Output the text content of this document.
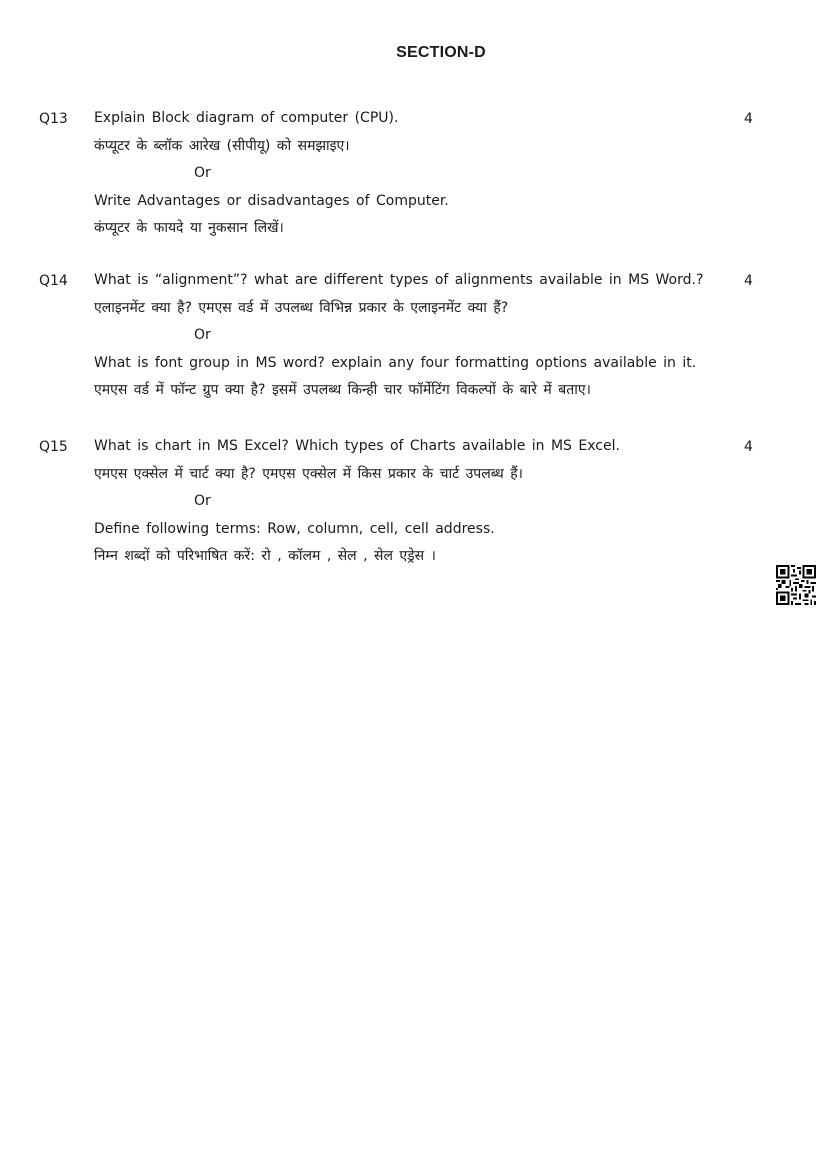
SECTION-D
Q13 Explain Block diagram of computer (CPU).
कंप्यूटर के ब्लॉक आरेख (सीपीयू) को समझाइए।
Or
Write Advantages or disadvantages of Computer.
कंप्यूटर के फायदे या नुकसान लिखें।
4
Q14 What is “alignment”? what are different types of alignments available in MS Word.?
एलाइनमेंट क्या है? एमएस वर्ड में उपलब्ध विभिन्न प्रकार के एलाइनमेंट क्या हैं?
Or
What is font group in MS word? explain any four formatting options available in it.
एमएस वर्ड में फॉन्ट ग्रुप क्या है? इसमें उपलब्ध किन्ही चार फॉर्मेटिंग विकल्पों के बारे में बताए।
4
Q15 What is chart in MS Excel? Which types of Charts available in MS Excel.
एमएस एक्सेल में चार्ट क्या है? एमएस एक्सेल में किस प्रकार के चार्ट उपलब्ध हैं।
Or
Define following terms: Row, column, cell, cell address.
निम्न शब्दों को परिभाषित करें: रो , कॉलम , सेल , सेल एड्रेस ।
4
